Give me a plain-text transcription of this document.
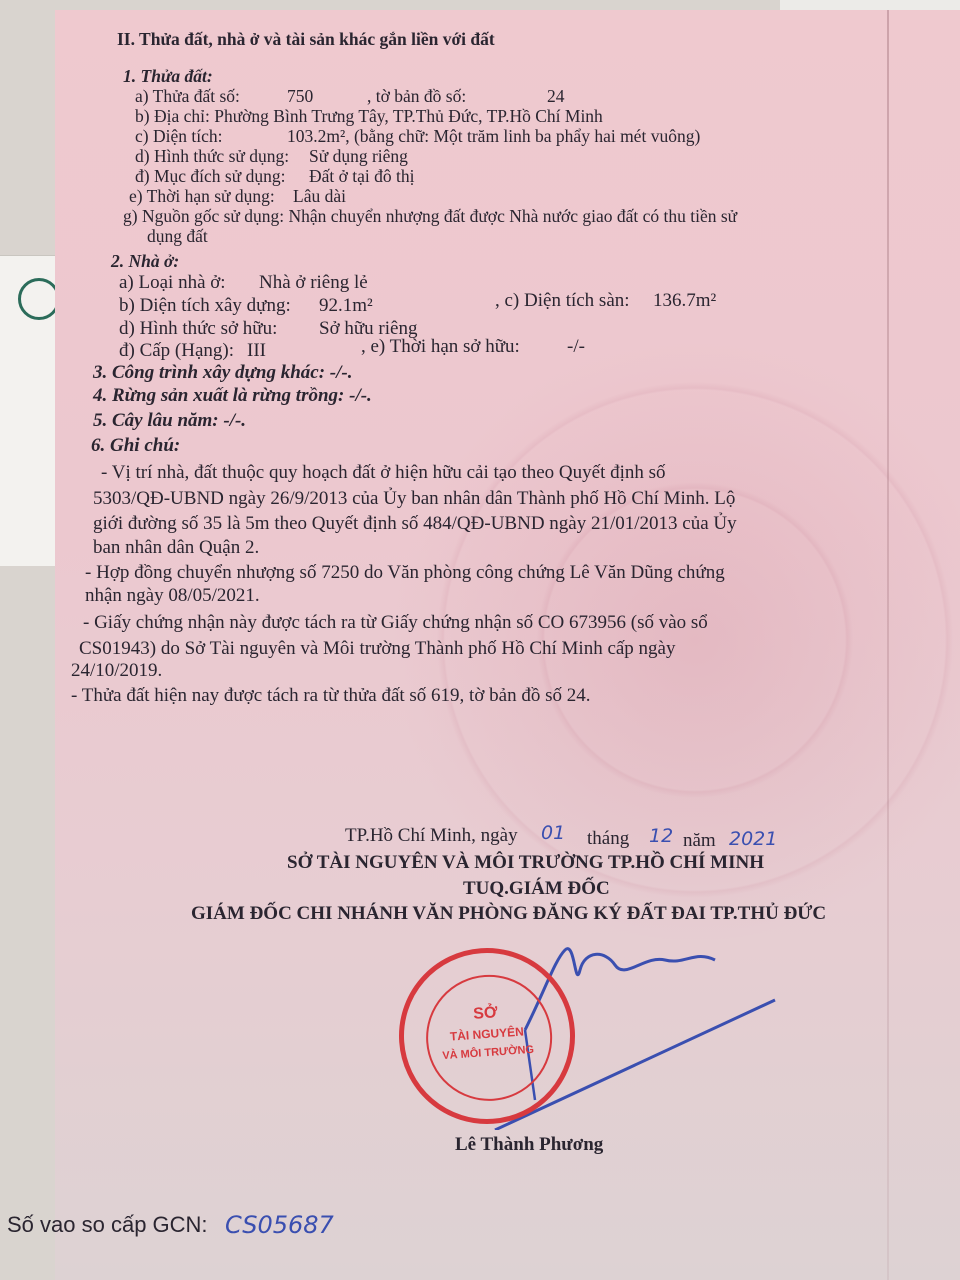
II. Thửa đất, nhà ở và tài sản khác gắn liền với đất
1. Thửa đất:
a) Thửa đất số:	750	, tờ bản đồ số:	24
b) Địa chỉ: Phường Bình Trưng Tây, TP.Thủ Đức, TP.Hồ Chí Minh
c) Diện tích:	103.2m², (bằng chữ: Một trăm linh ba phẩy hai mét vuông)
d) Hình thức sử dụng: Sử dụng riêng
đ) Mục đích sử dụng: Đất ở tại đô thị
e) Thời hạn sử dụng: Lâu dài
g) Nguồn gốc sử dụng: Nhận chuyển nhượng đất được Nhà nước giao đất có thu tiền sử
dụng đất
2. Nhà ở:
a) Loại nhà ở: Nhà ở riêng lẻ
b) Diện tích xây dựng: 92.1m²	, c) Diện tích sàn: 136.7m²
d) Hình thức sở hữu: Sở hữu riêng
đ) Cấp (Hạng): III	, e) Thời hạn sở hữu: -/-
3. Công trình xây dựng khác: -/-.
4. Rừng sản xuất là rừng trồng: -/-.
5. Cây lâu năm: -/-.
6. Ghi chú:
- Vị trí nhà, đất thuộc quy hoạch đất ở hiện hữu cải tạo theo Quyết định số
5303/QĐ-UBND ngày 26/9/2013 của Ủy ban nhân dân Thành phố Hồ Chí Minh. Lộ
giới đường số 35 là 5m theo Quyết định số 484/QĐ-UBND ngày 21/01/2013 của Ủy
ban nhân dân Quận 2.
- Hợp đồng chuyển nhượng số 7250 do Văn phòng công chứng Lê Văn Dũng chứng
nhận ngày 08/05/2021.
- Giấy chứng nhận này được tách ra từ Giấy chứng nhận số CO 673956 (số vào sổ
CS01943) do Sở Tài nguyên và Môi trường Thành phố Hồ Chí Minh cấp ngày
24/10/2019.
- Thửa đất hiện nay được tách ra từ thửa đất số 619, tờ bản đồ số 24.
TP.Hồ Chí Minh, ngày 01 tháng 12 năm 2021
SỞ TÀI NGUYÊN VÀ MÔI TRƯỜNG TP.HỒ CHÍ MINH
TUQ.GIÁM ĐỐC
GIÁM ĐỐC CHI NHÁNH VĂN PHÒNG ĐĂNG KÝ ĐẤT ĐAI TP.THỦ ĐỨC
SỞ
TÀI NGUYÊN
VÀ MÔI TRƯỜNG
Lê Thành Phương
Số vao so cấp GCN: CS05687
